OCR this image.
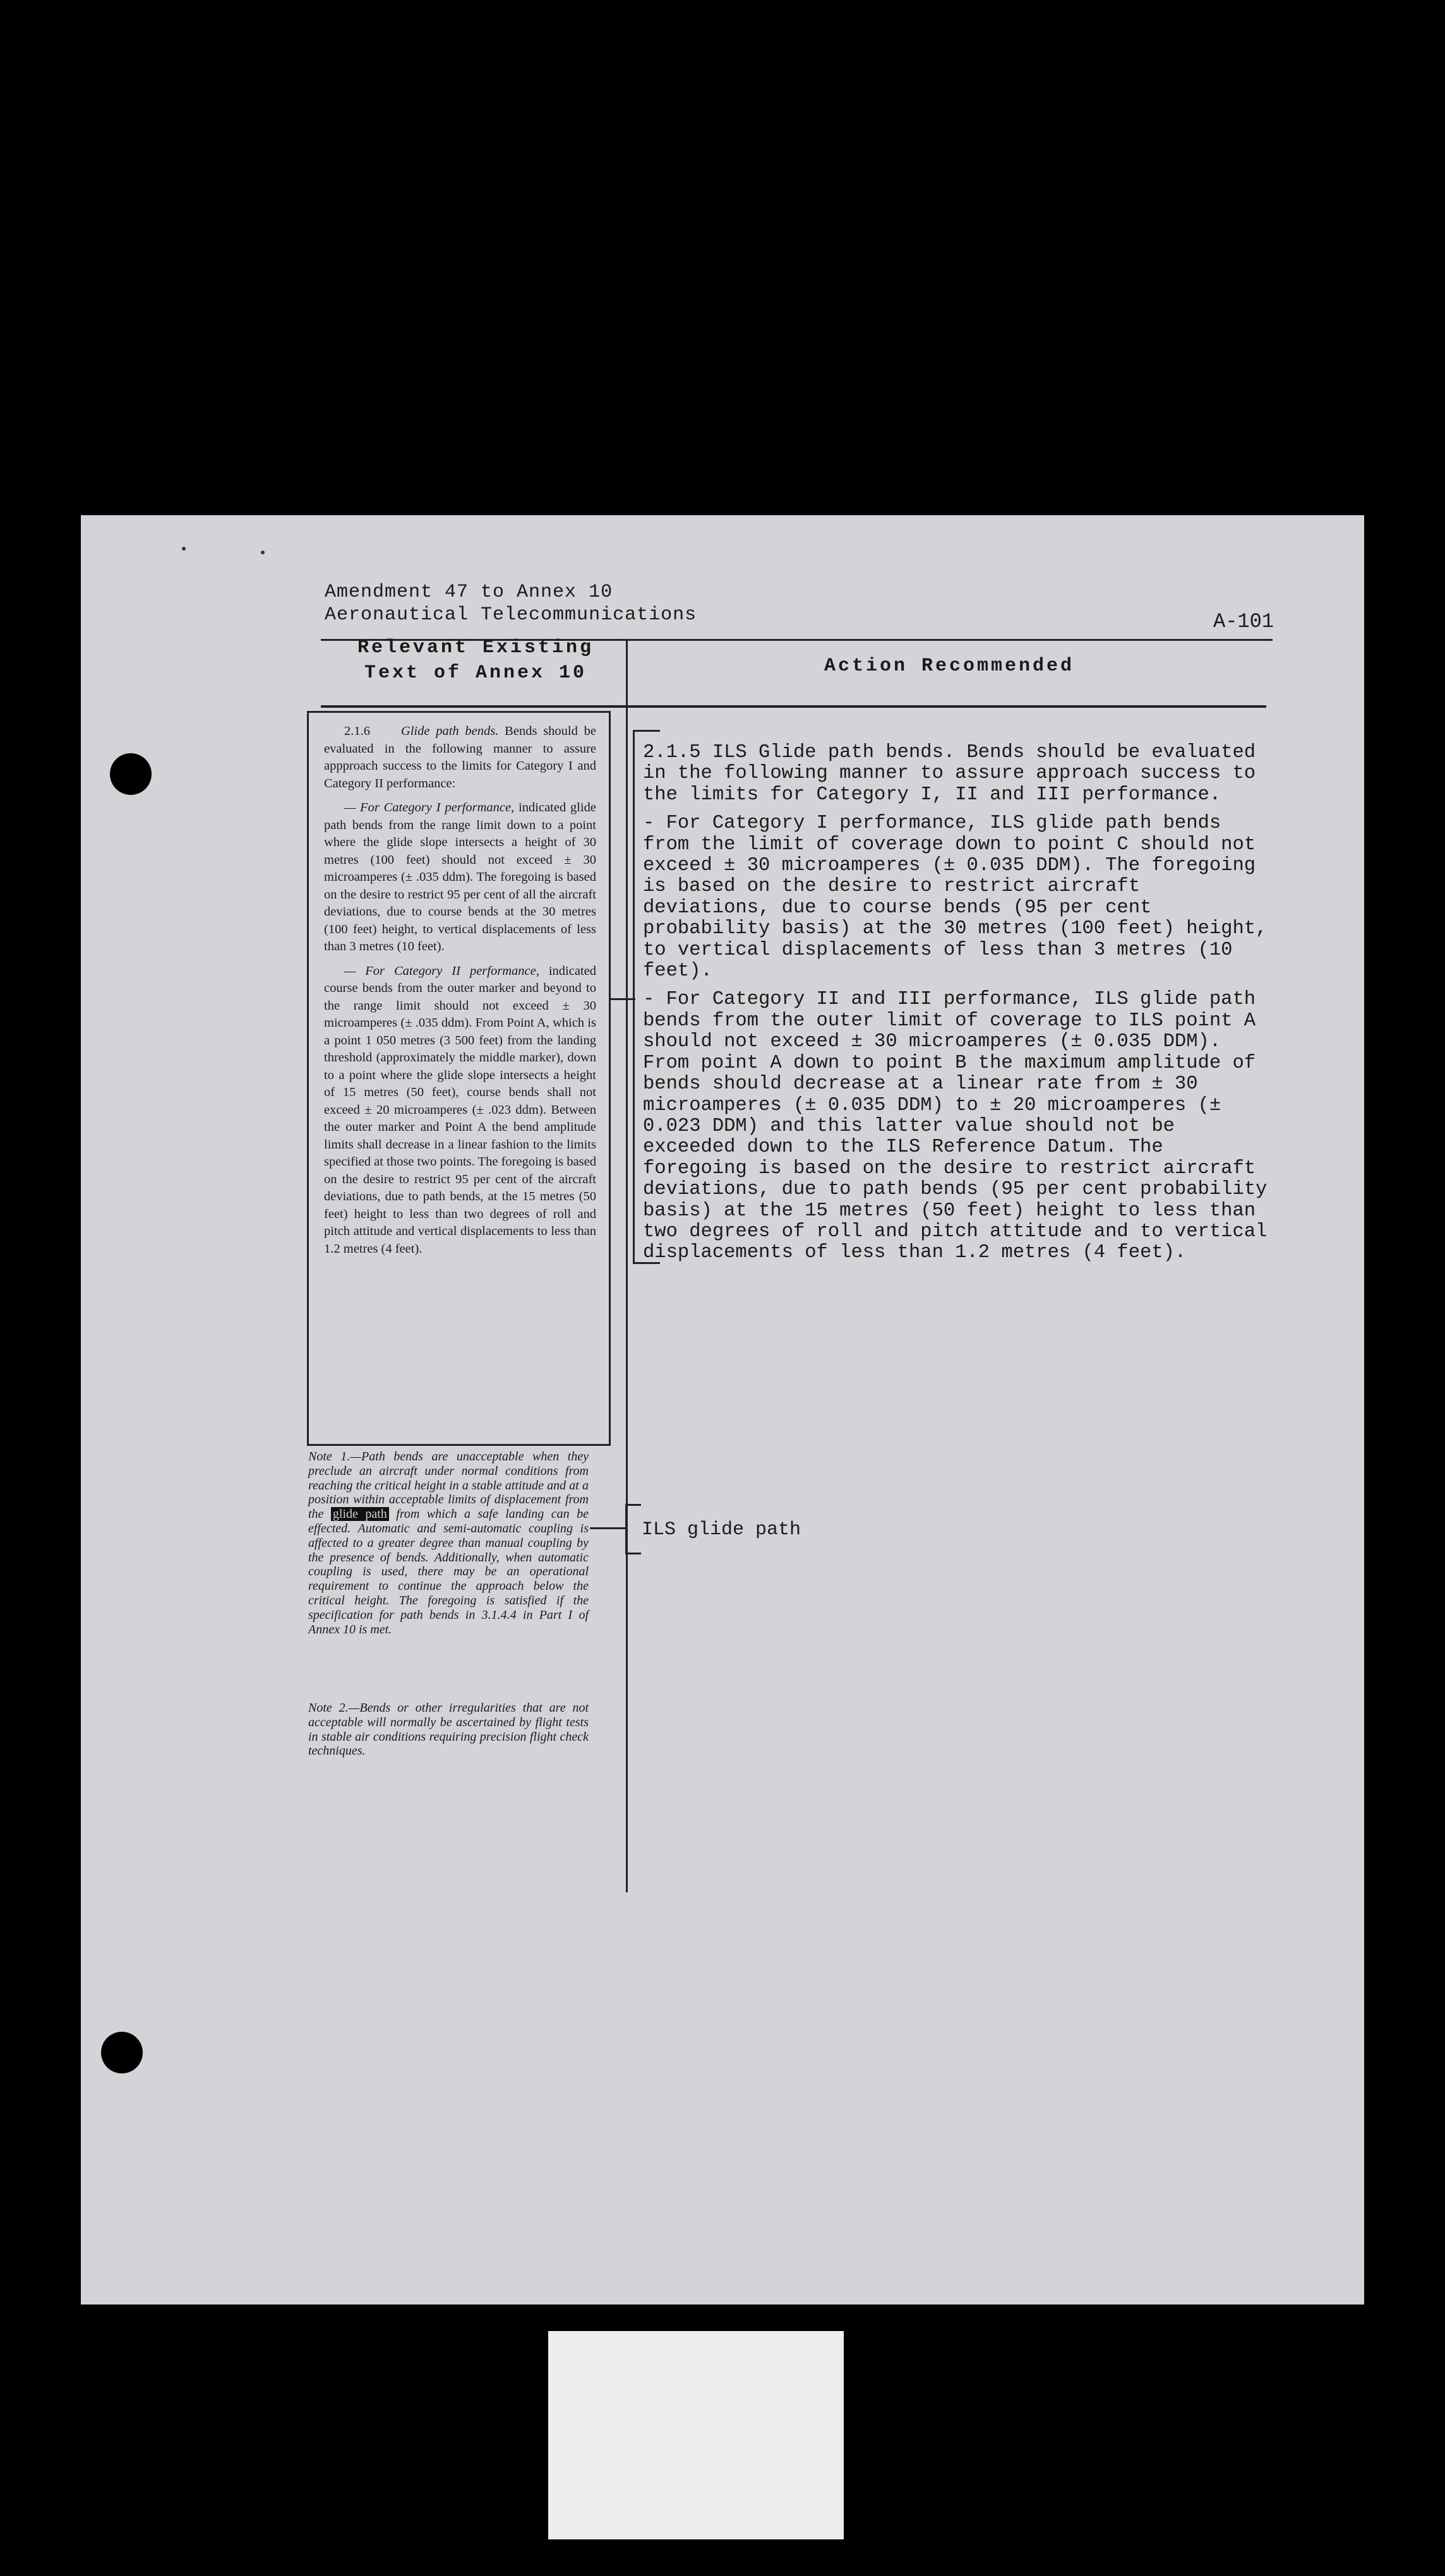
Amendment 47 to Annex 10
Aeronautical Telecommunications	A-101
Relevant Existing
Text of Annex 10	Action Recommended

2.1.6 Glide path bends. Bends should be evaluated in the following manner to assure appproach success to the limits for Category I and Category II performance:

— For Category I performance, indicated glide path bends from the range limit down to a point where the glide slope intersects a height of 30 metres (100 feet) should not exceed ± 30 microamperes (± .035 ddm). The foregoing is based on the desire to restrict 95 per cent of all the aircraft deviations, due to course bends at the 30 metres (100 feet) height, to vertical displacements of less than 3 metres (10 feet).

— For Category II performance, indicated course bends from the outer marker and beyond to the range limit should not exceed ± 30 microamperes (± .035 ddm). From Point A, which is a point 1 050 metres (3 500 feet) from the landing threshold (approximately the middle marker), down to a point where the glide slope intersects a height of 15 metres (50 feet), course bends shall not exceed ± 20 microamperes (± .023 ddm). Between the outer marker and Point A the bend amplitude limits shall decrease in a linear fashion to the limits specified at those two points. The foregoing is based on the desire to restrict 95 per cent of the aircraft deviations, due to path bends, at the 15 metres (50 feet) height to less than two degrees of roll and pitch attitude and vertical displacements to less than 1.2 metres (4 feet).

Note 1.—Path bends are unacceptable when they preclude an aircraft under normal conditions from reaching the critical height in a stable attitude and at a position within acceptable limits of displacement from the glide path from which a safe landing can be effected. Automatic and semi-automatic coupling is affected to a greater degree than manual coupling by the presence of bends. Additionally, when automatic coupling is used, there may be an operational requirement to continue the approach below the critical height. The foregoing is satisfied if the specification for path bends in 3.1.4.4 in Part I of Annex 10 is met.
Note 2.—Bends or other irregularities that are not acceptable will normally be ascertained by flight tests in stable air conditions requiring precision flight check techniques.

2.1.5 ILS Glide path bends. Bends should be evaluated in the following manner to assure approach success to the limits for Category I, II and III performance.

- For Category I performance, ILS glide path bends from the limit of coverage down to point C should not exceed ± 30 microamperes (± 0.035 DDM). The foregoing is based on the desire to restrict aircraft deviations, due to course bends (95 per cent probability basis) at the 30 metres (100 feet) height, to vertical displacements of less than 3 metres (10 feet).

- For Category II and III performance, ILS glide path bends from the outer limit of coverage to ILS point A should not exceed ± 30 microamperes (± 0.035 DDM). From point A down to point B the maximum amplitude of bends should decrease at a linear rate from ± 30 microamperes (± 0.035 DDM) to ± 20 microamperes (± 0.023 DDM) and this latter value should not be exceeded down to the ILS Reference Datum. The foregoing is based on the desire to restrict aircraft deviations, due to path bends (95 per cent probability basis) at the 15 metres (50 feet) height to less than two degrees of roll and pitch attitude and to vertical displacements of less than 1.2 metres (4 feet).

ILS glide path
